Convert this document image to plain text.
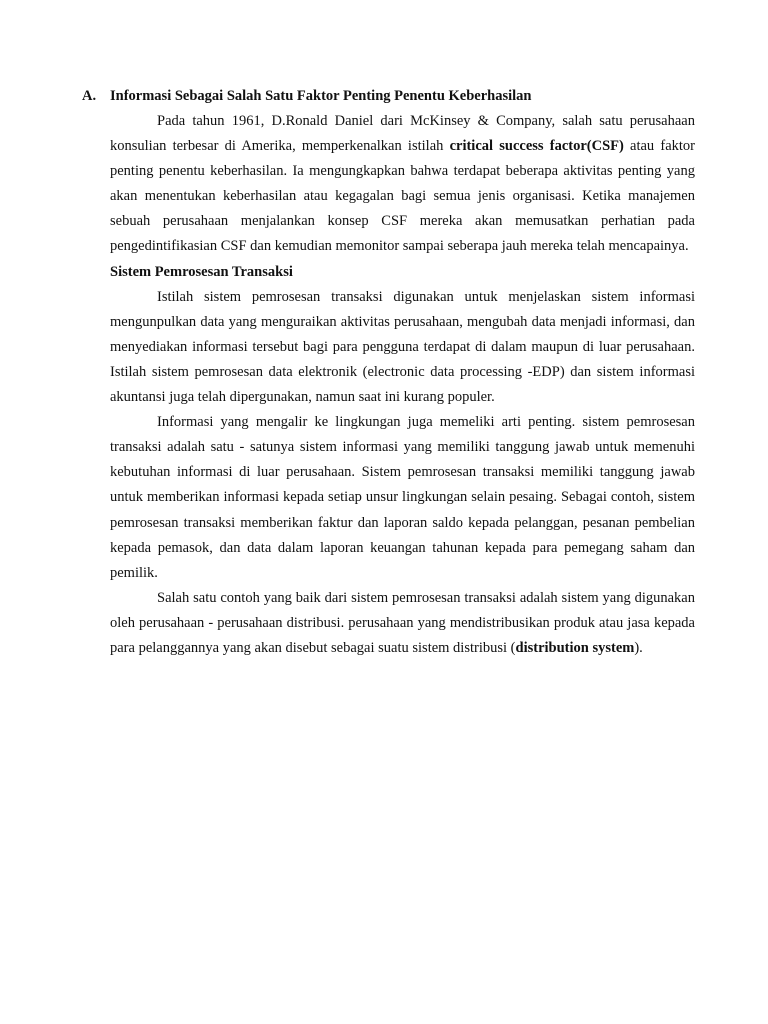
A. Informasi Sebagai Salah Satu Faktor Penting Penentu Keberhasilan

Pada tahun 1961, D.Ronald Daniel dari McKinsey & Company, salah satu perusahaan konsulian terbesar di Amerika, memperkenalkan istilah critical success factor(CSF) atau faktor penting penentu keberhasilan. Ia mengungkapkan bahwa terdapat beberapa aktivitas penting yang akan menentukan keberhasilan atau kegagalan bagi semua jenis organisasi. Ketika manajemen sebuah perusahaan menjalankan konsep CSF mereka akan memusatkan perhatian pada pengedintifikasian CSF dan kemudian memonitor sampai seberapa jauh mereka telah mencapainya.

Sistem Pemrosesan Transaksi

Istilah sistem pemrosesan transaksi digunakan untuk menjelaskan sistem informasi mengunpulkan data yang menguraikan aktivitas perusahaan, mengubah data menjadi informasi, dan menyediakan informasi tersebut bagi para pengguna terdapat di dalam maupun di luar perusahaan. Istilah sistem pemrosesan data elektronik (electronic data processing -EDP) dan sistem informasi akuntansi juga telah dipergunakan, namun saat ini kurang populer.

Informasi yang mengalir ke lingkungan juga memeliki arti penting. sistem pemrosesan transaksi adalah satu - satunya sistem informasi yang memiliki tanggung jawab untuk memenuhi kebutuhan informasi di luar perusahaan. Sistem pemrosesan transaksi memiliki tanggung jawab untuk memberikan informasi kepada setiap unsur lingkungan selain pesaing. Sebagai contoh, sistem pemrosesan transaksi memberikan faktur dan laporan saldo kepada pelanggan, pesanan pembelian kepada pemasok, dan data dalam laporan keuangan tahunan kepada para pemegang saham dan pemilik.

Salah satu contoh yang baik dari sistem pemrosesan transaksi adalah sistem yang digunakan oleh perusahaan - perusahaan distribusi. perusahaan yang mendistribusikan produk atau jasa kepada para pelanggannya yang akan disebut sebagai suatu sistem distribusi (distribution system).
